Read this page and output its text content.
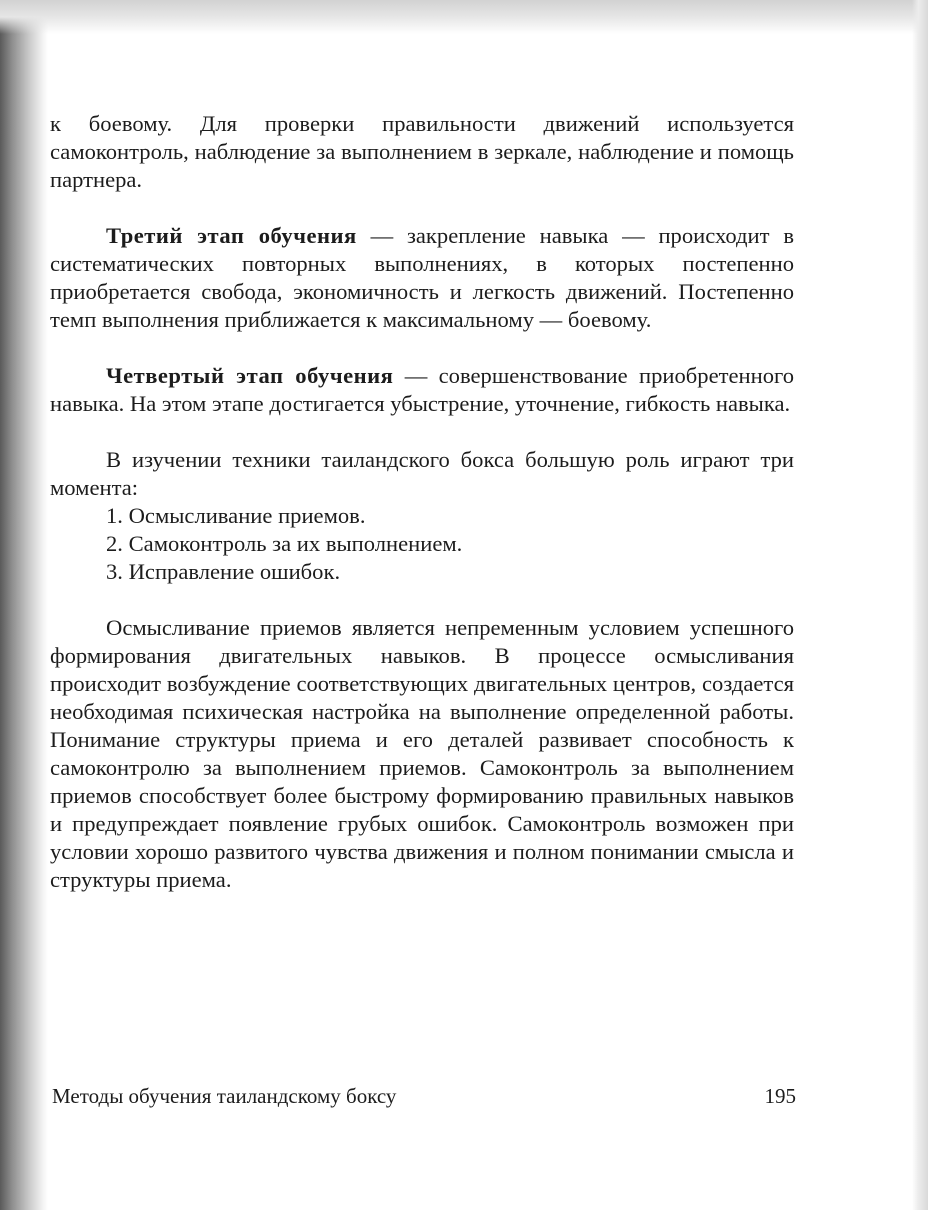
к боевому. Для проверки правильности движений используется самоконтроль, наблюдение за выполнением в зеркале, наблюдение и помощь партнера.

Третий этап обучения — закрепление навыка — происходит в систематических повторных выполнениях, в которых постепенно приобретается свобода, экономичность и легкость движений. Постепенно темп выполнения приближается к максимальному — боевому.

Четвертый этап обучения — совершенствование приобретенного навыка. На этом этапе достигается убыстрение, уточнение, гибкость навыка.

В изучении техники таиландского бокса большую роль играют три момента:

1. Осмысливание приемов.

2. Самоконтроль за их выполнением.

3. Исправление ошибок.

Осмысливание приемов является непременным условием успешного формирования двигательных навыков. В процессе осмысливания происходит возбуждение соответствующих двигательных центров, создается необходимая психическая настройка на выполнение определенной работы. Понимание структуры приема и его деталей развивает способность к самоконтролю за выполнением приемов. Самоконтроль за выполнением приемов способствует более быстрому формированию правильных навыков и предупреждает появление грубых ошибок. Самоконтроль возможен при условии хорошо развитого чувства движения и полном понимании смысла и структуры приема.

Методы обучения таиландскому боксу	195
